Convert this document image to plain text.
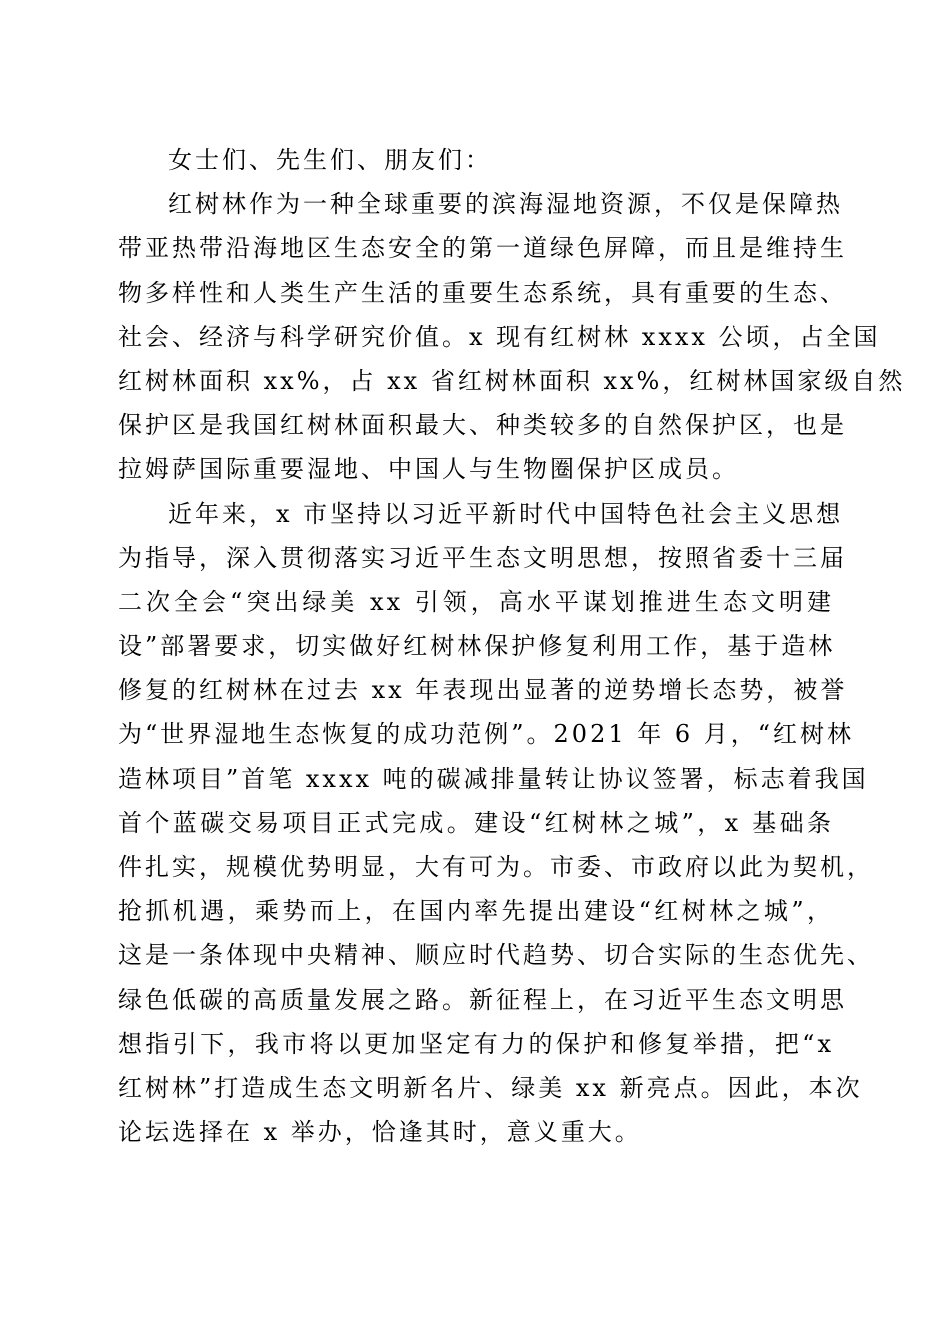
女士们、先生们、朋友们：
红树林作为一种全球重要的滨海湿地资源，不仅是保障热
带亚热带沿海地区生态安全的第一道绿色屏障，而且是维持生
物多样性和人类生产生活的重要生态系统，具有重要的生态、
社会、经济与科学研究价值。x 现有红树林 xxxx 公顷，占全国
红树林面积 xx%，占 xx 省红树林面积 xx%，红树林国家级自然
保护区是我国红树林面积最大、种类较多的自然保护区，也是
拉姆萨国际重要湿地、中国人与生物圈保护区成员。
近年来，x 市坚持以习近平新时代中国特色社会主义思想
为指导，深入贯彻落实习近平生态文明思想，按照省委十三届
二次全会“突出绿美 xx 引领，高水平谋划推进生态文明建
设”部署要求，切实做好红树林保护修复利用工作，基于造林
修复的红树林在过去 xx 年表现出显著的逆势增长态势，被誉
为“世界湿地生态恢复的成功范例”。2021 年 6 月，“红树林
造林项目”首笔 xxxx 吨的碳减排量转让协议签署，标志着我国
首个蓝碳交易项目正式完成。建设“红树林之城”，x 基础条
件扎实，规模优势明显，大有可为。市委、市政府以此为契机，
抢抓机遇，乘势而上，在国内率先提出建设“红树林之城”，
这是一条体现中央精神、顺应时代趋势、切合实际的生态优先、
绿色低碳的高质量发展之路。新征程上，在习近平生态文明思
想指引下，我市将以更加坚定有力的保护和修复举措，把“x
红树林”打造成生态文明新名片、绿美 xx 新亮点。因此，本次
论坛选择在 x 举办，恰逢其时，意义重大。
